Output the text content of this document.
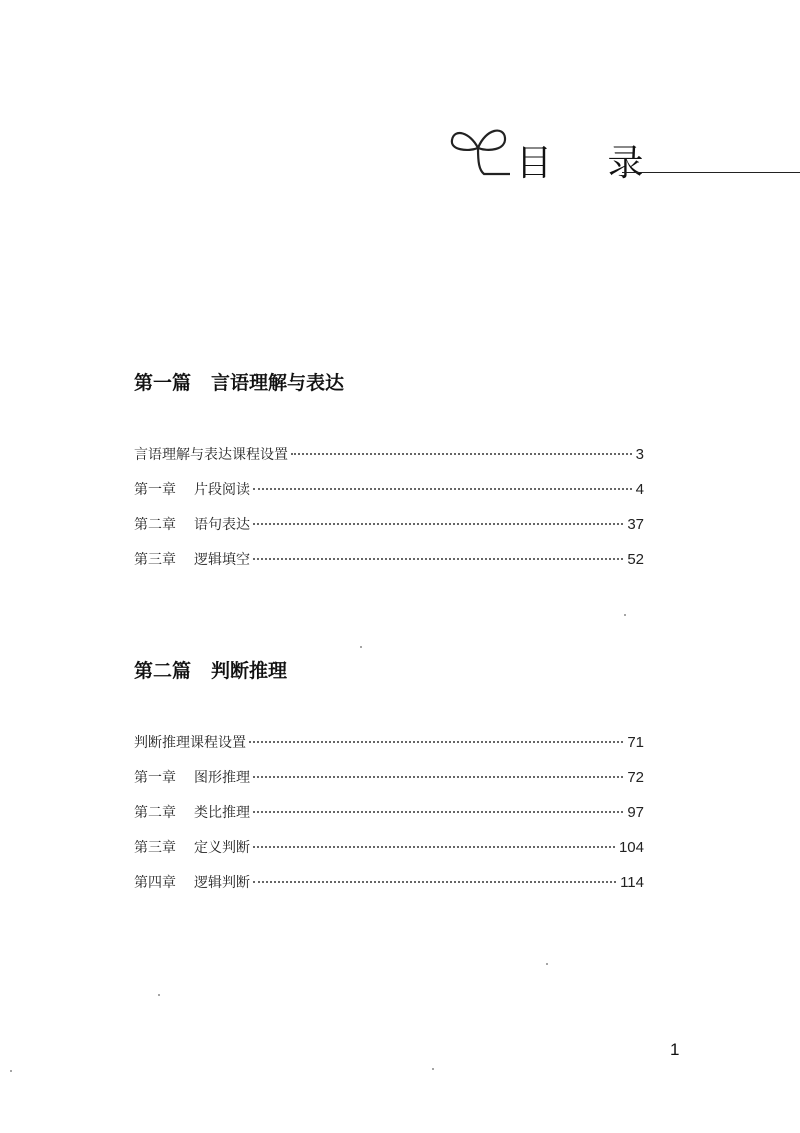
目 录
第一篇 言语理解与表达
言语理解与表达课程设置	3
第一章 片段阅读	4
第二章 语句表达	37
第三章 逻辑填空	52
第二篇 判断推理
判断推理课程设置	71
第一章 图形推理	72
第二章 类比推理	97
第三章 定义判断	104
第四章 逻辑判断	114
1
